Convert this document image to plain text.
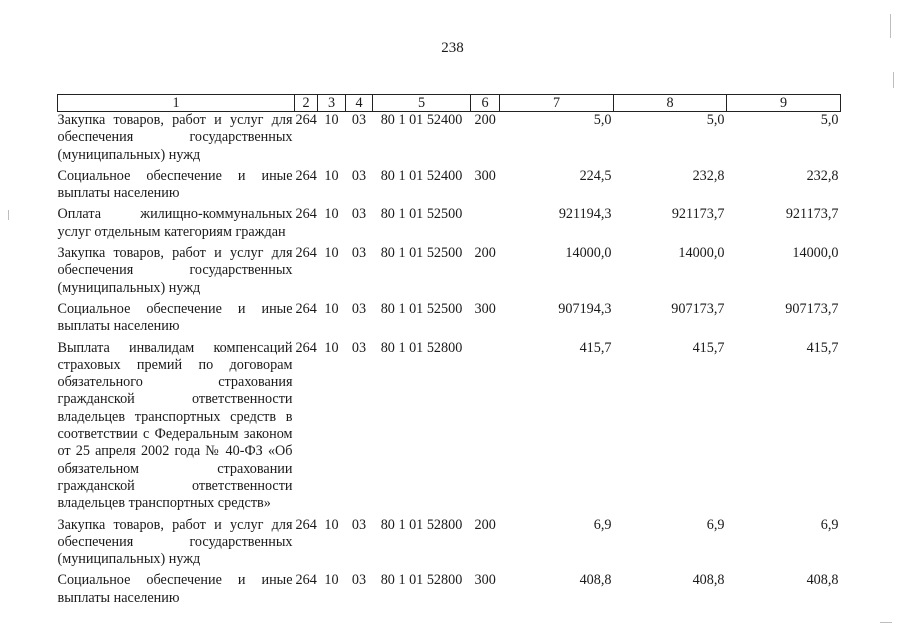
238
1	2	3	4	5	6	7	8	9
Закупка товаров, работ и услуг для обеспечения государственных (муниципальных) нужд	264	10	03	80 1 01 52400	200	5,0	5,0	5,0
Социальное обеспечение и иные выплаты населению	264	10	03	80 1 01 52400	300	224,5	232,8	232,8
Оплата жилищно-коммунальных услуг отдельным категориям граждан	264	10	03	80 1 01 52500		921194,3	921173,7	921173,7
Закупка товаров, работ и услуг для обеспечения государственных (муниципальных) нужд	264	10	03	80 1 01 52500	200	14000,0	14000,0	14000,0
Социальное обеспечение и иные выплаты населению	264	10	03	80 1 01 52500	300	907194,3	907173,7	907173,7
Выплата инвалидам компенсаций страховых премий по договорам обязательного страхования гражданской ответственности владельцев транспортных средств в соответствии с Федеральным законом от 25 апреля 2002 года № 40-ФЗ «Об обязательном страховании гражданской ответственности владельцев транспортных средств»	264	10	03	80 1 01 52800		415,7	415,7	415,7
Закупка товаров, работ и услуг для обеспечения государственных (муниципальных) нужд	264	10	03	80 1 01 52800	200	6,9	6,9	6,9
Социальное обеспечение и иные выплаты населению	264	10	03	80 1 01 52800	300	408,8	408,8	408,8
